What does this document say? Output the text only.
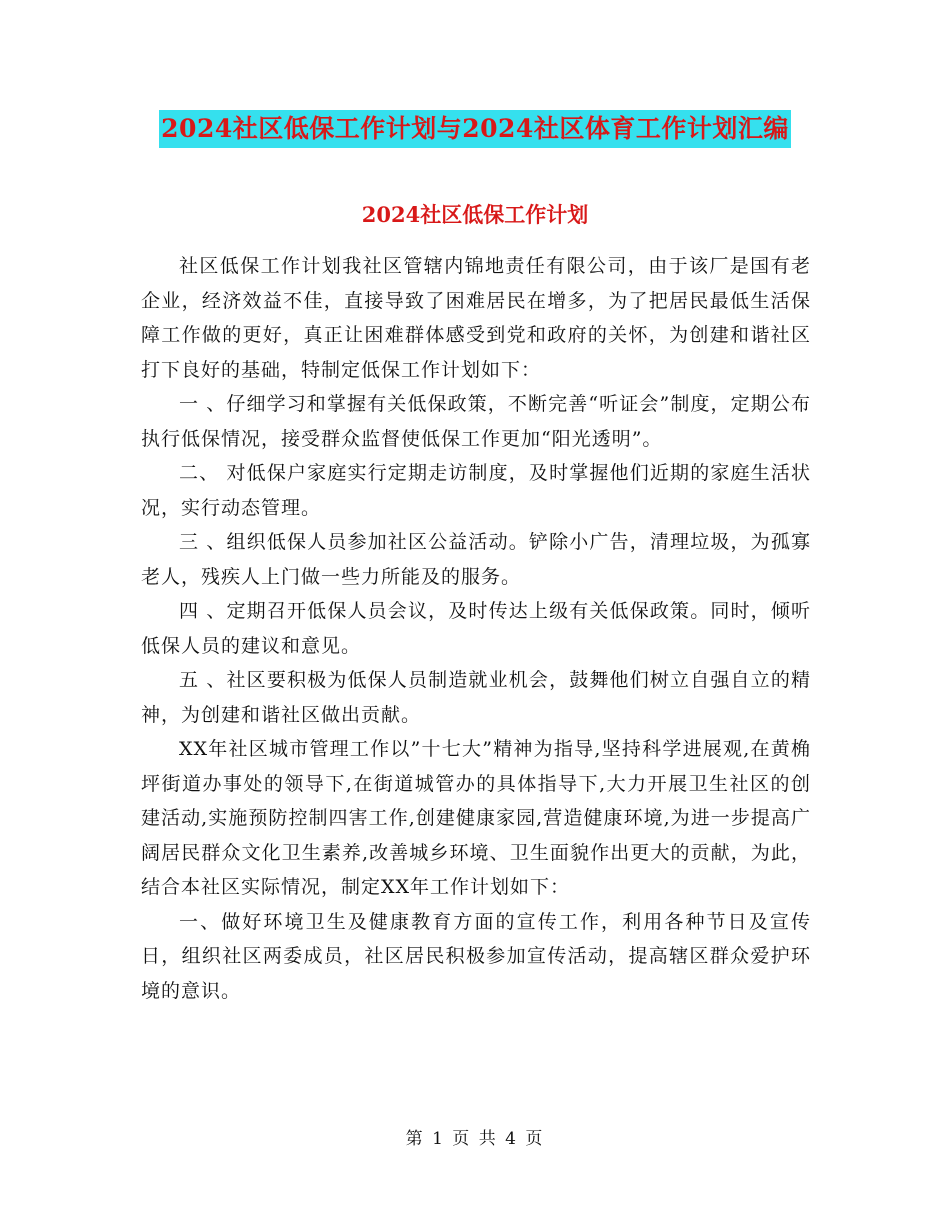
2024社区低保工作计划与2024社区体育工作计划汇编
2024社区低保工作计划

社区低保工作计划我社区管辖内锦地责任有限公司，由于该厂是国有老企业，经济效益不佳，直接导致了困难居民在增多，为了把居民最低生活保障工作做的更好，真正让困难群体感受到党和政府的关怀，为创建和谐社区打下良好的基础，特制定低保工作计划如下：

一 、仔细学习和掌握有关低保政策，不断完善“听证会”制度，定期公布执行低保情况，接受群众监督使低保工作更加“阳光透明”。

二、 对低保户家庭实行定期走访制度，及时掌握他们近期的家庭生活状况，实行动态管理。

三 、组织低保人员参加社区公益活动。铲除小广告，清理垃圾，为孤寡老人，残疾人上门做一些力所能及的服务。

四 、定期召开低保人员会议，及时传达上级有关低保政策。同时，倾听低保人员的建议和意见。

五 、社区要积极为低保人员制造就业机会，鼓舞他们树立自强自立的精神，为创建和谐社区做出贡献。

XX年社区城市管理工作以”十七大”精神为指导,坚持科学进展观,在黄桷坪街道办事处的领导下,在街道城管办的具体指导下,大力开展卫生社区的创建活动,实施预防控制四害工作,创建健康家园,营造健康环境,为进一步提高广阔居民群众文化卫生素养,改善城乡环境、卫生面貌作出更大的贡献，为此，结合本社区实际情况，制定XX年工作计划如下：

一、做好环境卫生及健康教育方面的宣传工作，利用各种节日及宣传日，组织社区两委成员，社区居民积极参加宣传活动，提高辖区群众爱护环境的意识。

第 1 页 共 4 页
